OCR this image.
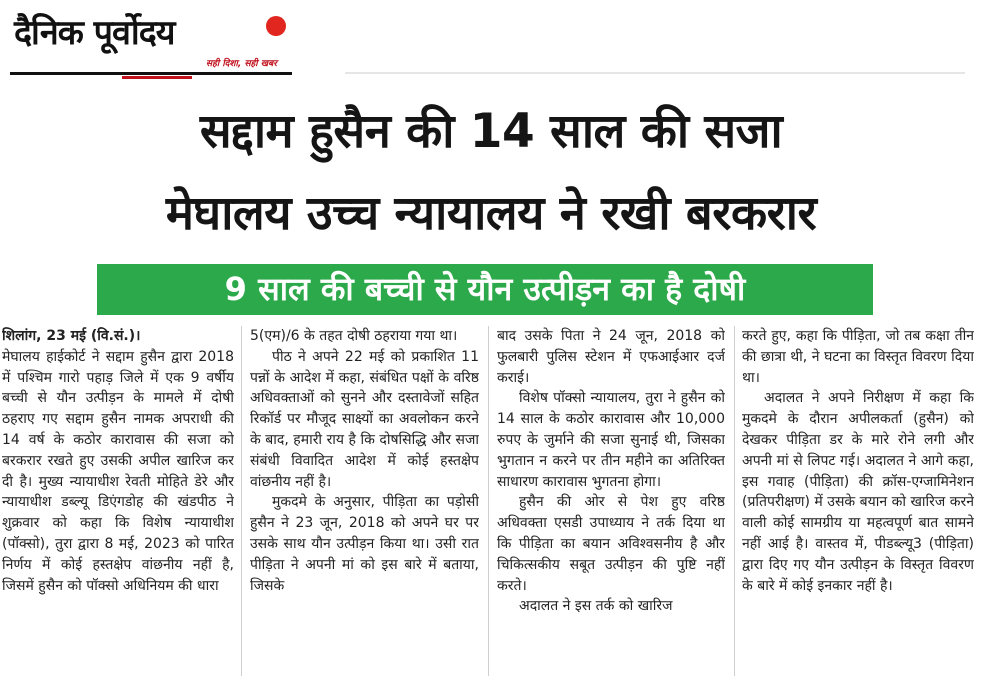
दैनिक पूर्वोदय
सही दिशा, सही खबर
सद्दाम हुसैन की 14 साल की सजा
मेघालय उच्च न्यायालय ने रखी बरकरार
9 साल की बच्ची से यौन उत्पीड़न का है दोषी

शिलांग, 23 मई (वि.सं.)।

मेघालय हाईकोर्ट ने सद्दाम हुसैन द्वारा 2018 में पश्चिम गारो पहाड़ जिले में एक 9 वर्षीय बच्ची से यौन उत्पीड़न के मामले में दोषी ठहराए गए सद्दाम हुसैन नामक अपराधी की 14 वर्ष के कठोर कारावास की सजा को बरकरार रखते हुए उसकी अपील खारिज कर दी है। मुख्य न्यायाधीश रेवती मोहिते डेरे और न्यायाधीश डब्ल्यू डिएंगडोह की खंडपीठ ने शुक्रवार को कहा कि विशेष न्यायाधीश (पॉक्सो), तुरा द्वारा 8 मई, 2023 को पारित निर्णय में कोई हस्तक्षेप वांछनीय नहीं है, जिसमें हुसैन को पॉक्सो अधिनियम की धारा

5(एम)/6 के तहत दोषी ठहराया गया था।

पीठ ने अपने 22 मई को प्रकाशित 11 पन्नों के आदेश में कहा, संबंधित पक्षों के वरिष्ठ अधिवक्ताओं को सुनने और दस्तावेजों सहित रिकॉर्ड पर मौजूद साक्ष्यों का अवलोकन करने के बाद, हमारी राय है कि दोषसिद्धि और सजा संबंधी विवादित आदेश में कोई हस्तक्षेप वांछनीय नहीं है।

मुकदमे के अनुसार, पीड़िता का पड़ोसी हुसैन ने 23 जून, 2018 को अपने घर पर उसके साथ यौन उत्पीड़न किया था। उसी रात पीड़िता ने अपनी मां को इस बारे में बताया, जिसके

बाद उसके पिता ने 24 जून, 2018 को फुलबारी पुलिस स्टेशन में एफआईआर दर्ज कराई।

विशेष पॉक्सो न्यायालय, तुरा ने हुसैन को 14 साल के कठोर कारावास और 10,000 रुपए के जुर्माने की सजा सुनाई थी, जिसका भुगतान न करने पर तीन महीने का अतिरिक्त साधारण कारावास भुगतना होगा।

हुसैन की ओर से पेश हुए वरिष्ठ अधिवक्ता एसडी उपाध्याय ने तर्क दिया था कि पीड़िता का बयान अविश्वसनीय है और चिकित्सकीय सबूत उत्पीड़न की पुष्टि नहीं करते।

अदालत ने इस तर्क को खारिज

करते हुए, कहा कि पीड़िता, जो तब कक्षा तीन की छात्रा थी, ने घटना का विस्तृत विवरण दिया था।

अदालत ने अपने निरीक्षण में कहा कि मुकदमे के दौरान अपीलकर्ता (हुसैन) को देखकर पीड़िता डर के मारे रोने लगी और अपनी मां से लिपट गई। अदालत ने आगे कहा, इस गवाह (पीड़िता) की क्रॉस-एग्जामिनेशन (प्रतिपरीक्षण) में उसके बयान को खारिज करने वाली कोई सामग्रीय या महत्वपूर्ण बात सामने नहीं आई है। वास्तव में, पीडब्ल्यू3 (पीड़िता) द्वारा दिए गए यौन उत्पीड़न के विस्तृत विवरण के बारे में कोई इनकार नहीं है।
